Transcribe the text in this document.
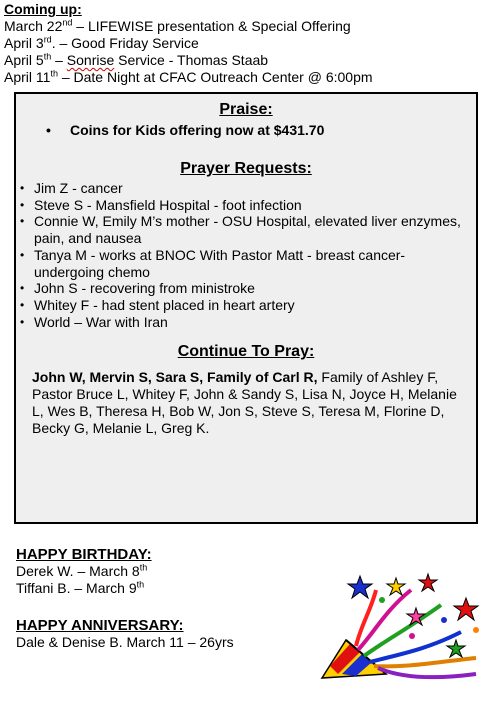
Coming up:
March 22nd – LIFEWISE presentation & Special Offering
April 3rd. – Good Friday Service
April 5th – Sonrise Service - Thomas Staab
April 11th – Date Night at CFAC Outreach Center @ 6:00pm
Praise:
• Coins for Kids offering now at $431.70
Prayer Requests:
• Jim Z - cancer
• Steve S - Mansfield Hospital - foot infection
• Connie W, Emily M’s mother - OSU Hospital, elevated liver enzymes, pain, and nausea
• Tanya M - works at BNOC With Pastor Matt - breast cancer- undergoing chemo
• John S - recovering from ministroke
• Whitey F - had stent placed in heart artery
• World – War with Iran
Continue To Pray:
John W, Mervin S, Sara S, Family of Carl R, Family of Ashley F, Pastor Bruce L, Whitey F, John & Sandy S, Lisa N, Joyce H, Melanie L, Wes B, Theresa H, Bob W, Jon S, Steve S, Teresa M, Florine D, Becky G, Melanie L, Greg K.
HAPPY BIRTHDAY:
Derek W. – March 8th
Tiffani B. – March 9th
HAPPY ANNIVERSARY:
Dale & Denise B. March 11 – 26yrs
